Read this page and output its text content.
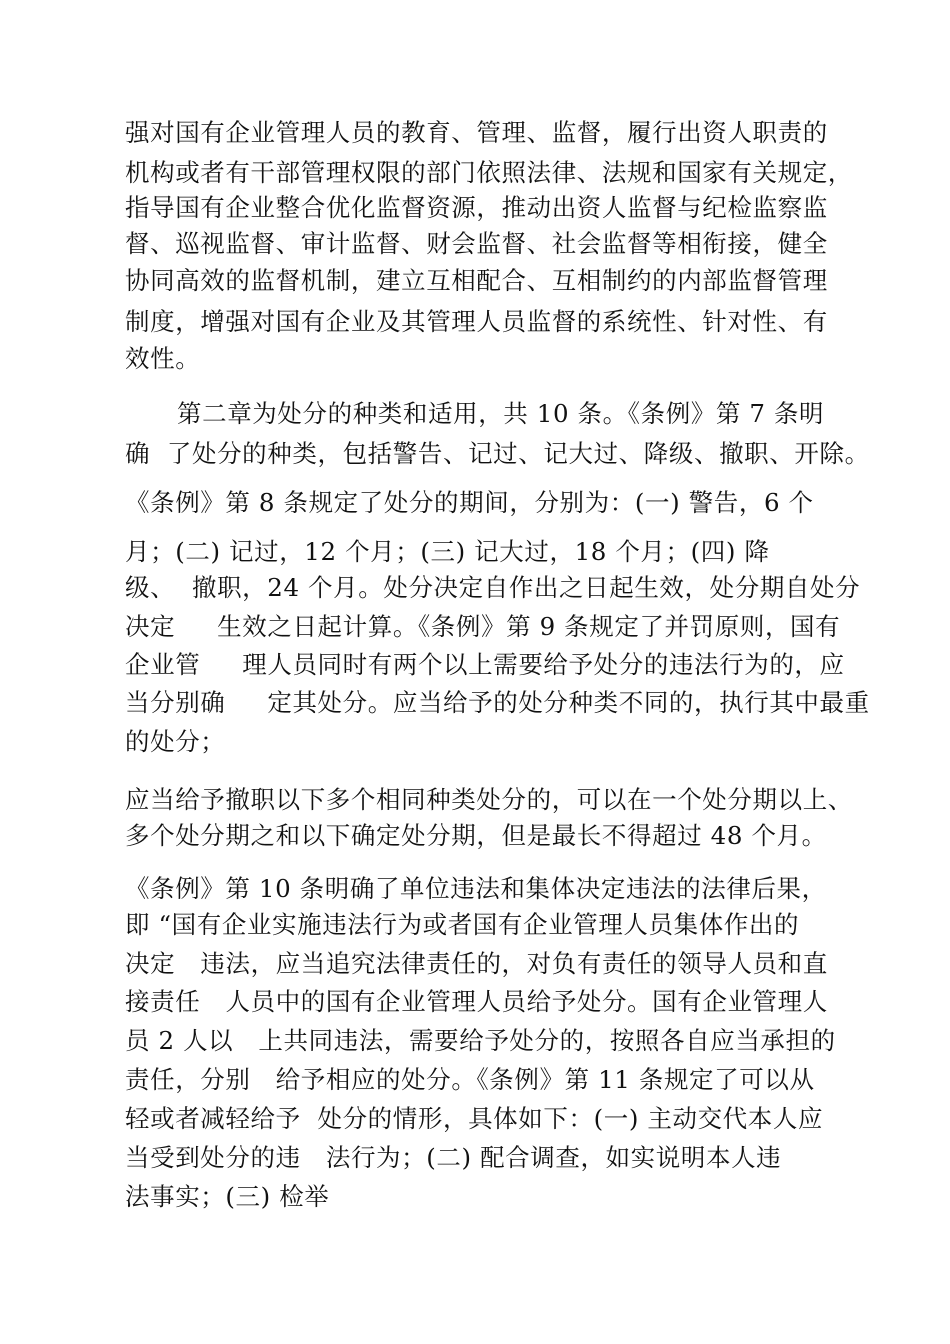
强对国有企业管理人员的教育、管理、监督，履行出资人职责的
机构或者有干部管理权限的部门依照法律、法规和国家有关规定，
指导国有企业整合优化监督资源，推动出资人监督与纪检监察监
督、巡视监督、审计监督、财会监督、社会监督等相衔接，健全
协同高效的监督机制，建立互相配合、互相制约的内部监督管理
制度，增强对国有企业及其管理人员监督的系统性、针对性、有
效性。
第二章为处分的种类和适用，共 10 条。《条例》第 7 条明
确  了处分的种类，包括警告、记过、记大过、降级、撤职、开除。
《条例》第 8 条规定了处分的期间，分别为：(一) 警告，6 个
月；(二) 记过，12 个月；(三) 记大过，18 个月；(四) 降
级、  撤职，24 个月。处分决定自作出之日起生效，处分期自处分
决定     生效之日起计算。《条例》第 9 条规定了并罚原则，国有
企业管     理人员同时有两个以上需要给予处分的违法行为的，应
当分别确     定其处分。应当给予的处分种类不同的，执行其中最重
的处分；
应当给予撤职以下多个相同种类处分的，可以在一个处分期以上、
多个处分期之和以下确定处分期，但是最长不得超过 48 个月。
《条例》第 10 条明确了单位违法和集体决定违法的法律后果，
即 “国有企业实施违法行为或者国有企业管理人员集体作出的
决定   违法，应当追究法律责任的，对负有责任的领导人员和直
接责任   人员中的国有企业管理人员给予处分。国有企业管理人
员 2 人以   上共同违法，需要给予处分的，按照各自应当承担的
责任，分别   给予相应的处分。《条例》第 11 条规定了可以从
轻或者减轻给予  处分的情形，具体如下：(一) 主动交代本人应
当受到处分的违   法行为；(二) 配合调查，如实说明本人违
法事实；(三) 检举
